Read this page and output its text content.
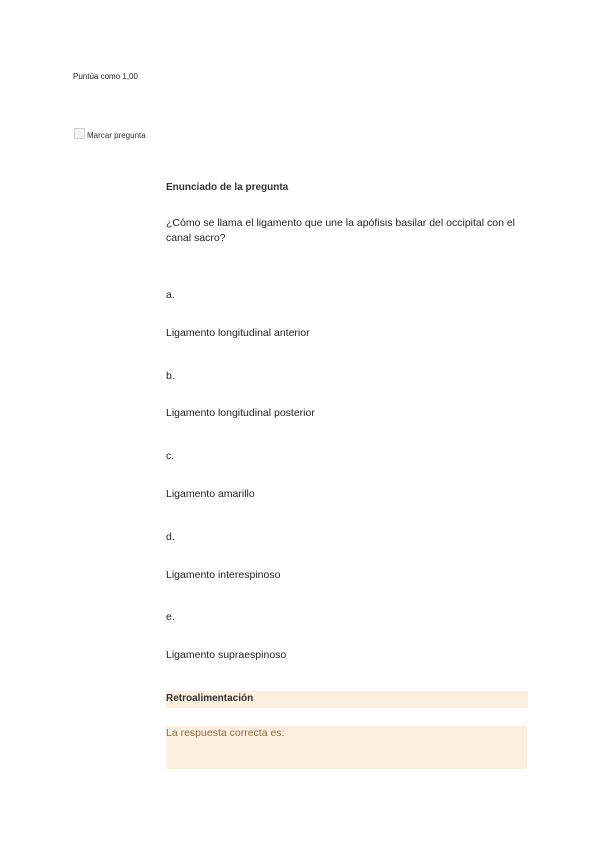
Puntúa como 1,00
Marcar pregunta
Enunciado de la pregunta
¿Cómo se llama el ligamento que une la apófisis basilar del occipital con el canal sacro?
a.
Ligamento longitudinal anterior
b.
Ligamento longitudinal posterior
c.
Ligamento amarillo
d.
Ligamento interespinoso
e.
Ligamento supraespinoso
Retroalimentación
La respuesta correcta es:
